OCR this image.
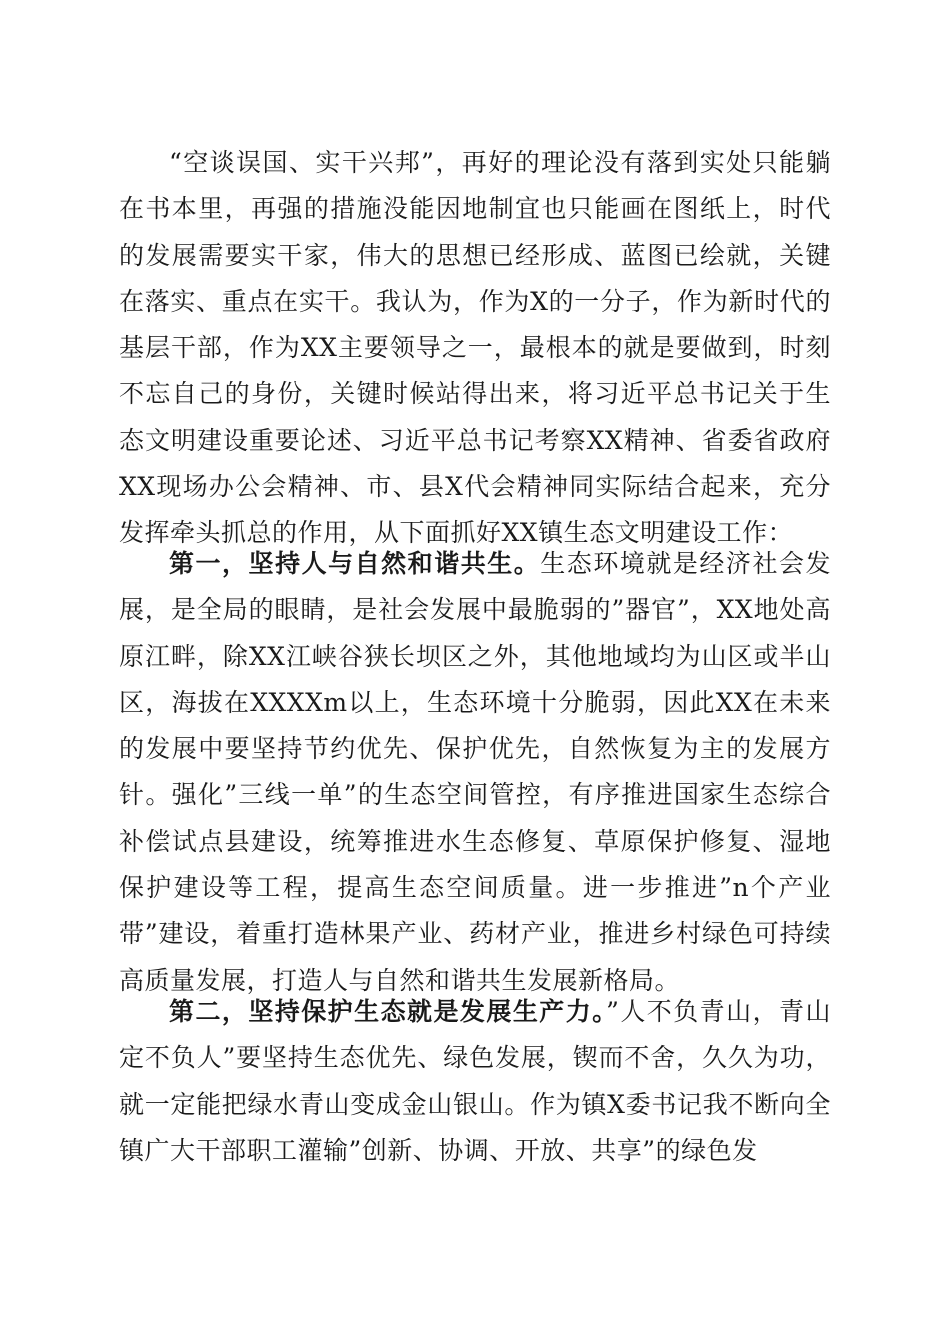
“空谈误国、实干兴邦”，再好的理论没有落到实处只能躺在书本里，再强的措施没能因地制宜也只能画在图纸上，时代的发展需要实干家，伟大的思想已经形成、蓝图已绘就，关键在落实、重点在实干。我认为，作为X的一分子，作为新时代的基层干部，作为XX主要领导之一，最根本的就是要做到，时刻不忘自己的身份，关键时候站得出来，将习近平总书记关于生态文明建设重要论述、习近平总书记考察XX精神、省委省政府XX现场办公会精神、市、县X代会精神同实际结合起来，充分发挥牵头抓总的作用，从下面抓好XX镇生态文明建设工作：

第一，坚持人与自然和谐共生。生态环境就是经济社会发展，是全局的眼睛，是社会发展中最脆弱的”器官”，XX地处高原江畔，除XX江峡谷狭长坝区之外，其他地域均为山区或半山区，海拔在XXXXm以上，生态环境十分脆弱，因此XX在未来的发展中要坚持节约优先、保护优先，自然恢复为主的发展方针。强化”三线一单”的生态空间管控，有序推进国家生态综合补偿试点县建设，统筹推进水生态修复、草原保护修复、湿地保护建设等工程，提高生态空间质量。进一步推进”n个产业带”建设，着重打造林果产业、药材产业，推进乡村绿色可持续高质量发展，打造人与自然和谐共生发展新格局。

第二，坚持保护生态就是发展生产力。”人不负青山，青山定不负人”要坚持生态优先、绿色发展，锲而不舍，久久为功，就一定能把绿水青山变成金山银山。作为镇X委书记我不断向全镇广大干部职工灌输”创新、协调、开放、共享”的绿色发
